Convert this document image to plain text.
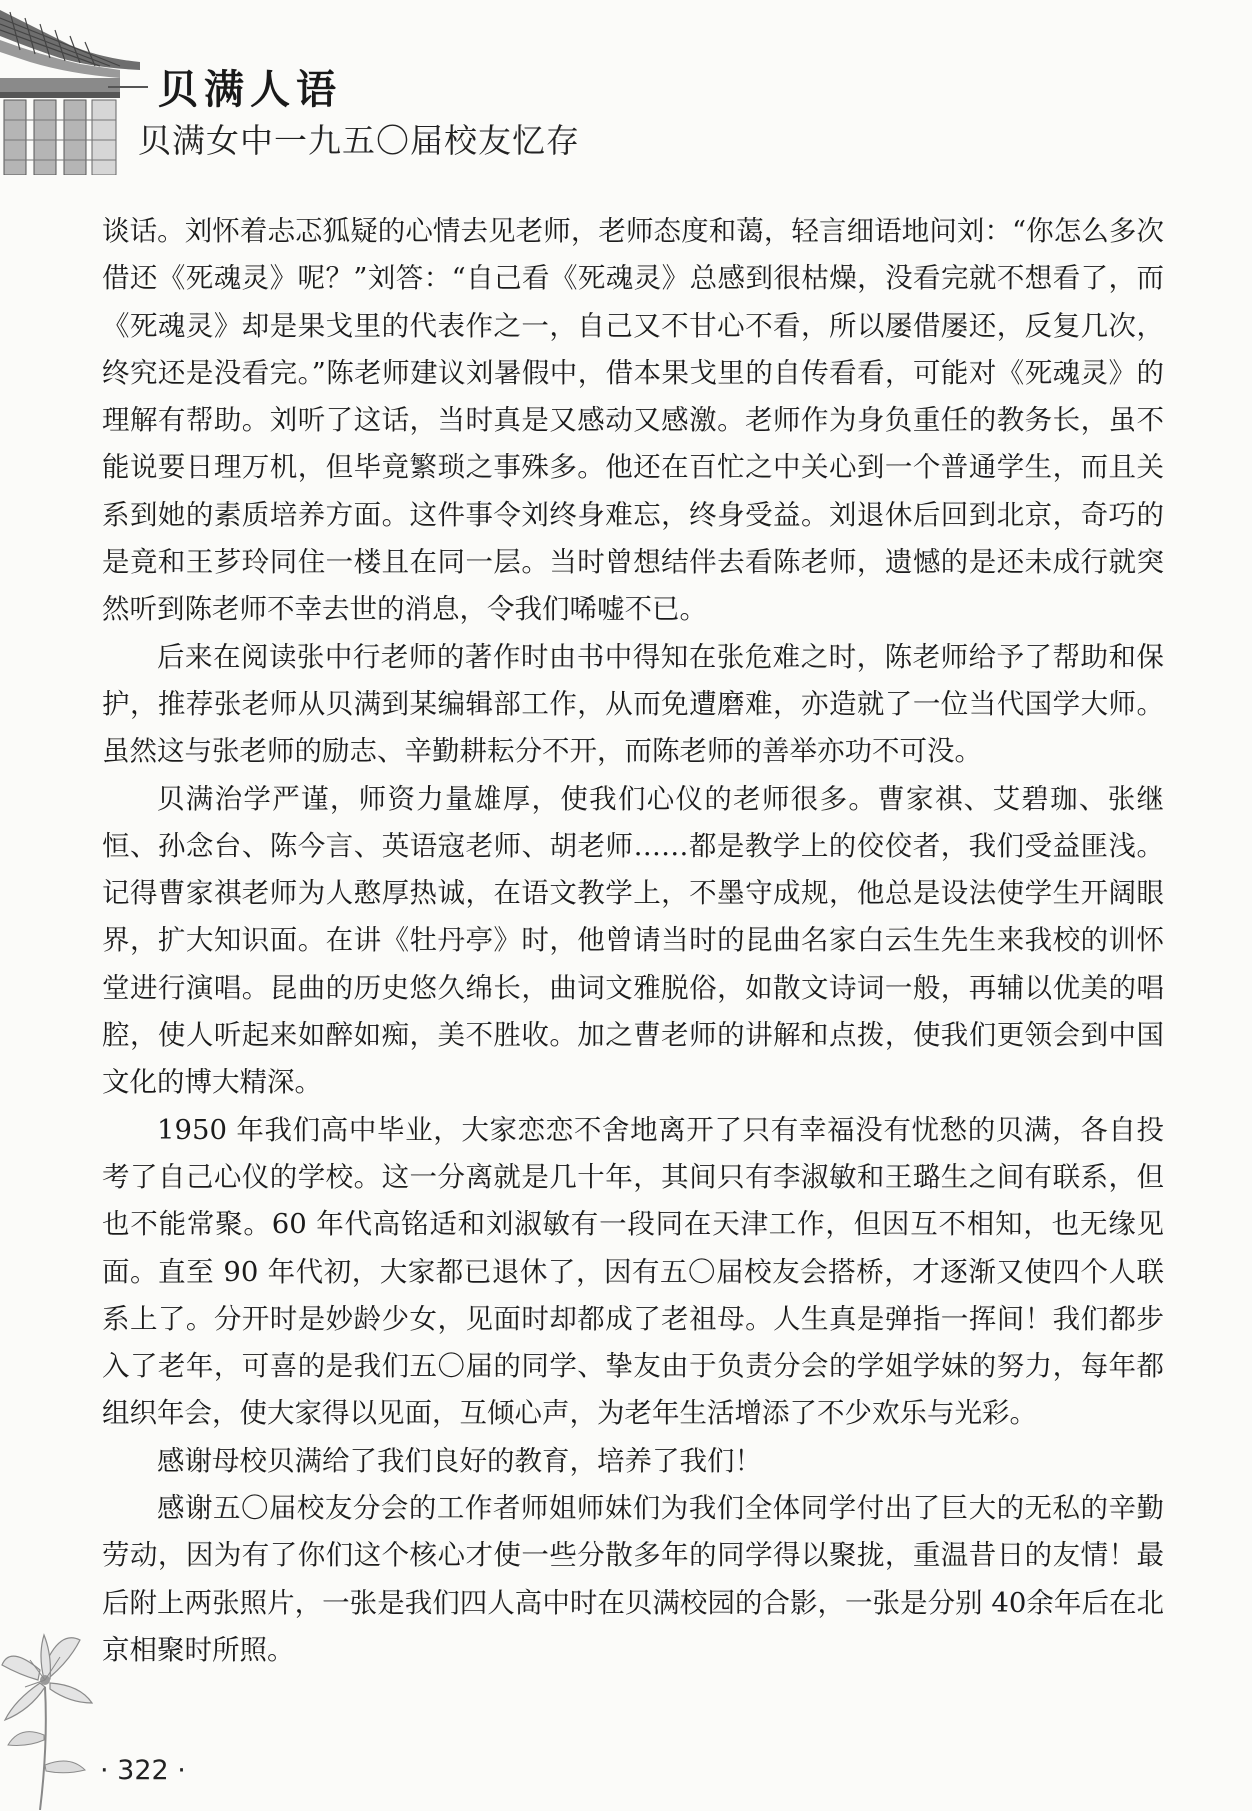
贝满人语
贝满女中一九五〇届校友忆存

谈话。刘怀着忐忑狐疑的心情去见老师，老师态度和蔼，轻言细语地问刘：“你怎么多次借还《死魂灵》呢？”刘答：“自己看《死魂灵》总感到很枯燥，没看完就不想看了，而《死魂灵》却是果戈里的代表作之一，自己又不甘心不看，所以屡借屡还，反复几次，终究还是没看完。”陈老师建议刘暑假中，借本果戈里的自传看看，可能对《死魂灵》的理解有帮助。刘听了这话，当时真是又感动又感激。老师作为身负重任的教务长，虽不能说要日理万机，但毕竟繁琐之事殊多。他还在百忙之中关心到一个普通学生，而且关系到她的素质培养方面。这件事令刘终身难忘，终身受益。刘退休后回到北京，奇巧的是竟和王芗玲同住一楼且在同一层。当时曾想结伴去看陈老师，遗憾的是还未成行就突然听到陈老师不幸去世的消息，令我们唏嘘不已。

后来在阅读张中行老师的著作时由书中得知在张危难之时，陈老师给予了帮助和保护，推荐张老师从贝满到某编辑部工作，从而免遭磨难，亦造就了一位当代国学大师。虽然这与张老师的励志、辛勤耕耘分不开，而陈老师的善举亦功不可没。

贝满治学严谨，师资力量雄厚，使我们心仪的老师很多。曹家祺、艾碧珈、张继恒、孙念台、陈今言、英语寇老师、胡老师……都是教学上的佼佼者，我们受益匪浅。记得曹家祺老师为人憨厚热诚，在语文教学上，不墨守成规，他总是设法使学生开阔眼界，扩大知识面。在讲《牡丹亭》时，他曾请当时的昆曲名家白云生先生来我校的训怀堂进行演唱。昆曲的历史悠久绵长，曲词文雅脱俗，如散文诗词一般，再辅以优美的唱腔，使人听起来如醉如痴，美不胜收。加之曹老师的讲解和点拨，使我们更领会到中国文化的博大精深。

1950 年我们高中毕业，大家恋恋不舍地离开了只有幸福没有忧愁的贝满，各自投考了自己心仪的学校。这一分离就是几十年，其间只有李淑敏和王璐生之间有联系，但也不能常聚。60 年代高铭适和刘淑敏有一段同在天津工作，但因互不相知，也无缘见面。直至 90 年代初，大家都已退休了，因有五〇届校友会搭桥，才逐渐又使四个人联系上了。分开时是妙龄少女，见面时却都成了老祖母。人生真是弹指一挥间！我们都步入了老年，可喜的是我们五〇届的同学、挚友由于负责分会的学姐学妹的努力，每年都组织年会，使大家得以见面，互倾心声，为老年生活增添了不少欢乐与光彩。

感谢母校贝满给了我们良好的教育，培养了我们！

感谢五〇届校友分会的工作者师姐师妹们为我们全体同学付出了巨大的无私的辛勤劳动，因为有了你们这个核心才使一些分散多年的同学得以聚拢，重温昔日的友情！最后附上两张照片，一张是我们四人高中时在贝满校园的合影，一张是分别 40余年后在北京相聚时所照。

· 322 ·
